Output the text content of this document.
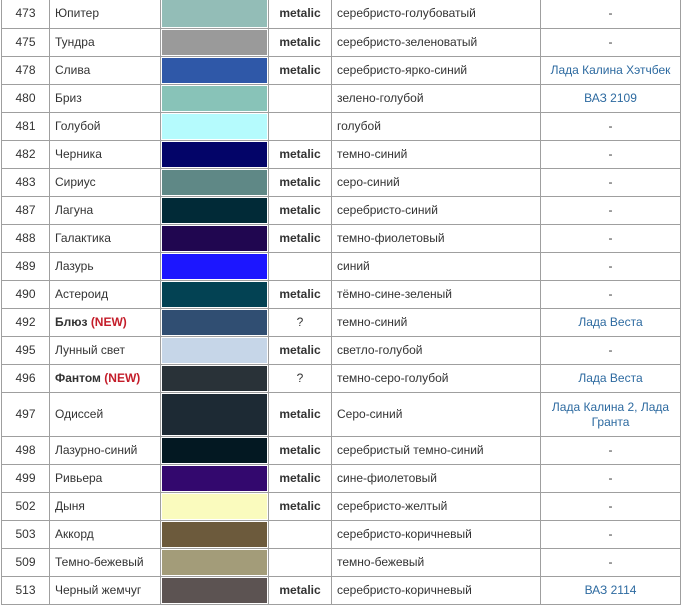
473	Юпитер		metalic	серебристо-голубоватый	-
475	Тундра		metalic	серебристо-зеленоватый	-
478	Слива		metalic	серебристо-ярко-синий	Лада Калина Хэтчбек
480	Бриз			зелено-голубой	ВАЗ 2109
481	Голубой			голубой	-
482	Черника		metalic	темно-синий	-
483	Сириус		metalic	серо-синий	-
487	Лагуна		metalic	серебристо-синий	-
488	Галактика		metalic	темно-фиолетовый	-
489	Лазурь			синий	-
490	Астероид		metalic	тёмно-сине-зеленый	-
492	Блюз (NEW)		?	темно-синий	Лада Веста
495	Лунный свет		metalic	светло-голубой	-
496	Фантом (NEW)		?	темно-серо-голубой	Лада Веста
497	Одиссей		metalic	Серо-синий	Лада Калина 2, Лада Гранта
498	Лазурно-синий		metalic	серебристый темно-синий	-
499	Ривьера		metalic	сине-фиолетовый	-
502	Дыня		metalic	серебристо-желтый	-
503	Аккорд			серебристо-коричневый	-
509	Темно-бежевый			темно-бежевый	-
513	Черный жемчуг		metalic	серебристо-коричневый	ВАЗ 2114
